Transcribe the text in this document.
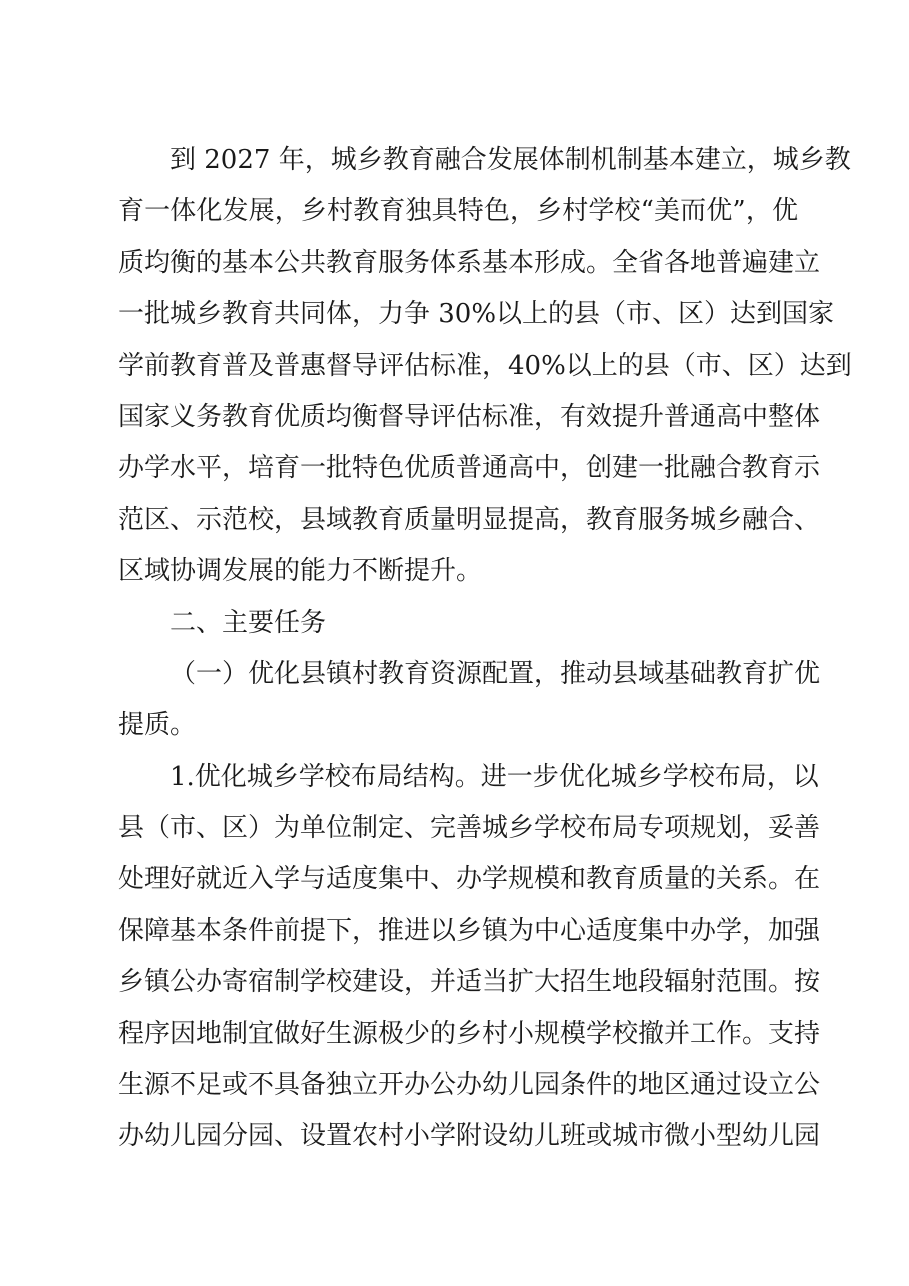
到 2027 年，城乡教育融合发展体制机制基本建立，城乡教
育一体化发展，乡村教育独具特色，乡村学校“美而优”，优
质均衡的基本公共教育服务体系基本形成。全省各地普遍建立
一批城乡教育共同体，力争 30%以上的县（市、区）达到国家
学前教育普及普惠督导评估标准，40%以上的县（市、区）达到
国家义务教育优质均衡督导评估标准，有效提升普通高中整体
办学水平，培育一批特色优质普通高中，创建一批融合教育示
范区、示范校，县域教育质量明显提高，教育服务城乡融合、
区域协调发展的能力不断提升。
二、主要任务
（一）优化县镇村教育资源配置，推动县域基础教育扩优
提质。
1.优化城乡学校布局结构。进一步优化城乡学校布局，以
县（市、区）为单位制定、完善城乡学校布局专项规划，妥善
处理好就近入学与适度集中、办学规模和教育质量的关系。在
保障基本条件前提下，推进以乡镇为中心适度集中办学，加强
乡镇公办寄宿制学校建设，并适当扩大招生地段辐射范围。按
程序因地制宜做好生源极少的乡村小规模学校撤并工作。支持
生源不足或不具备独立开办公办幼儿园条件的地区通过设立公
办幼儿园分园、设置农村小学附设幼儿班或城市微小型幼儿园
